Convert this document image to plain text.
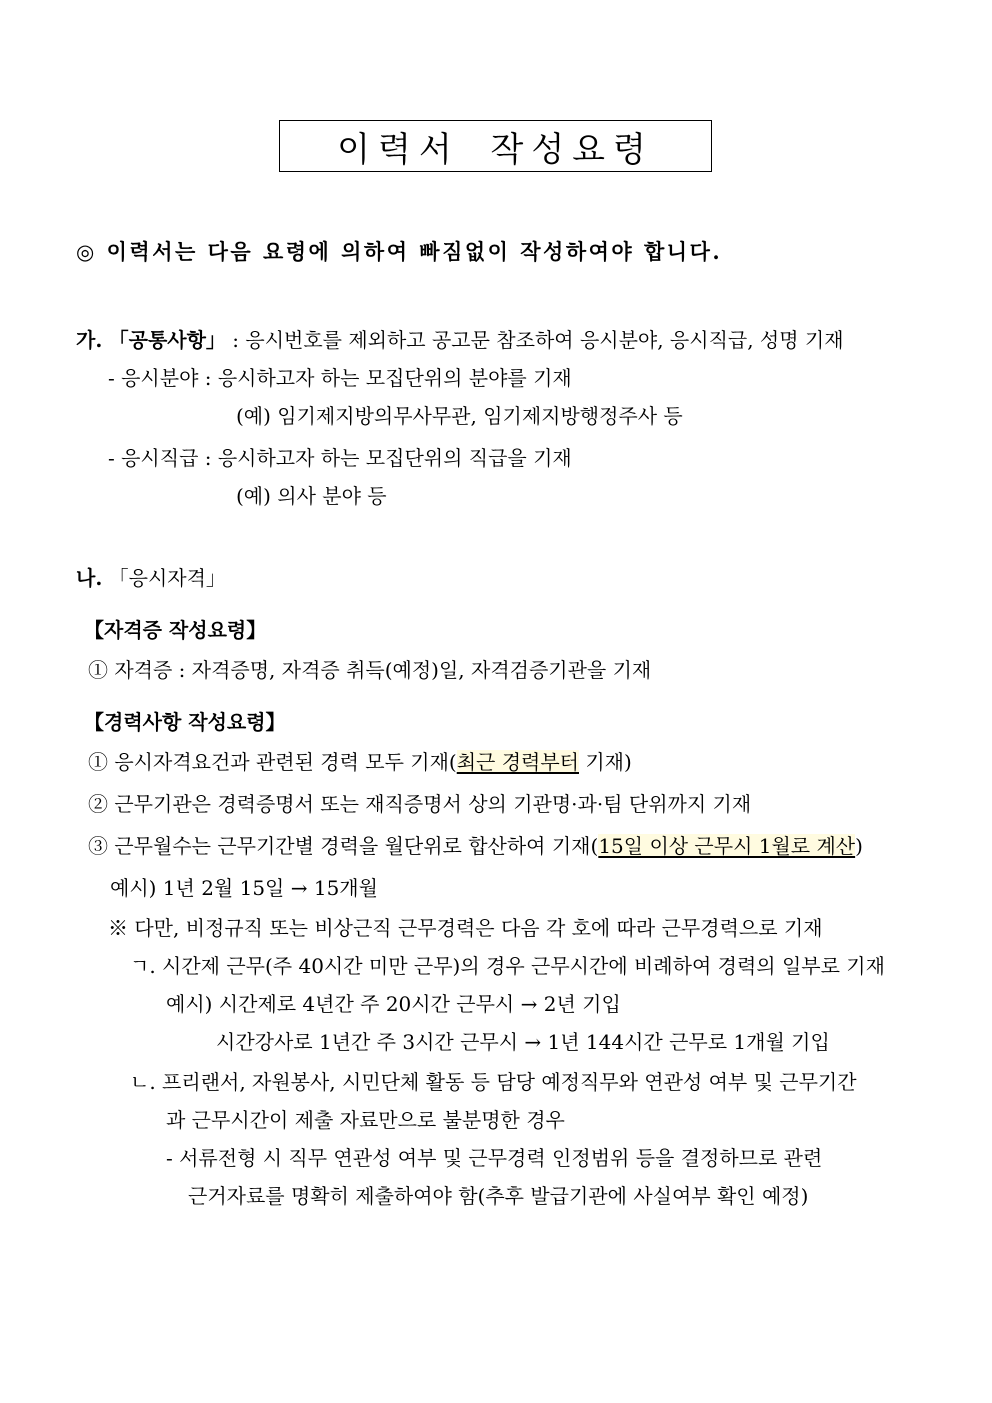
이력서 작성요령
◎ 이력서는 다음 요령에 의하여 빠짐없이 작성하여야 합니다.
가. 「공통사항」 : 응시번호를 제외하고 공고문 참조하여 응시분야, 응시직급, 성명 기재
- 응시분야 : 응시하고자 하는 모집단위의 분야를 기재
(예) 임기제지방의무사무관, 임기제지방행정주사 등
- 응시직급 : 응시하고자 하는 모집단위의 직급을 기재
(예) 의사 분야 등
나. 「응시자격」
【자격증 작성요령】
① 자격증 : 자격증명, 자격증 취득(예정)일, 자격검증기관을 기재
【경력사항 작성요령】
① 응시자격요건과 관련된 경력 모두 기재(최근 경력부터 기재)
② 근무기관은 경력증명서 또는 재직증명서 상의 기관명·과·팀 단위까지 기재
③ 근무월수는 근무기간별 경력을 월단위로 합산하여 기재(15일 이상 근무시 1월로 계산)
예시) 1년 2월 15일 → 15개월
※ 다만, 비정규직 또는 비상근직 근무경력은 다음 각 호에 따라 근무경력으로 기재
ㄱ. 시간제 근무(주 40시간 미만 근무)의 경우 근무시간에 비례하여 경력의 일부로 기재
예시) 시간제로 4년간 주 20시간 근무시 → 2년 기입
시간강사로 1년간 주 3시간 근무시 → 1년 144시간 근무로 1개월 기입
ㄴ. 프리랜서, 자원봉사, 시민단체 활동 등 담당 예정직무와 연관성 여부 및 근무기간
과 근무시간이 제출 자료만으로 불분명한 경우
- 서류전형 시 직무 연관성 여부 및 근무경력 인정범위 등을 결정하므로 관련
근거자료를 명확히 제출하여야 함(추후 발급기관에 사실여부 확인 예정)
